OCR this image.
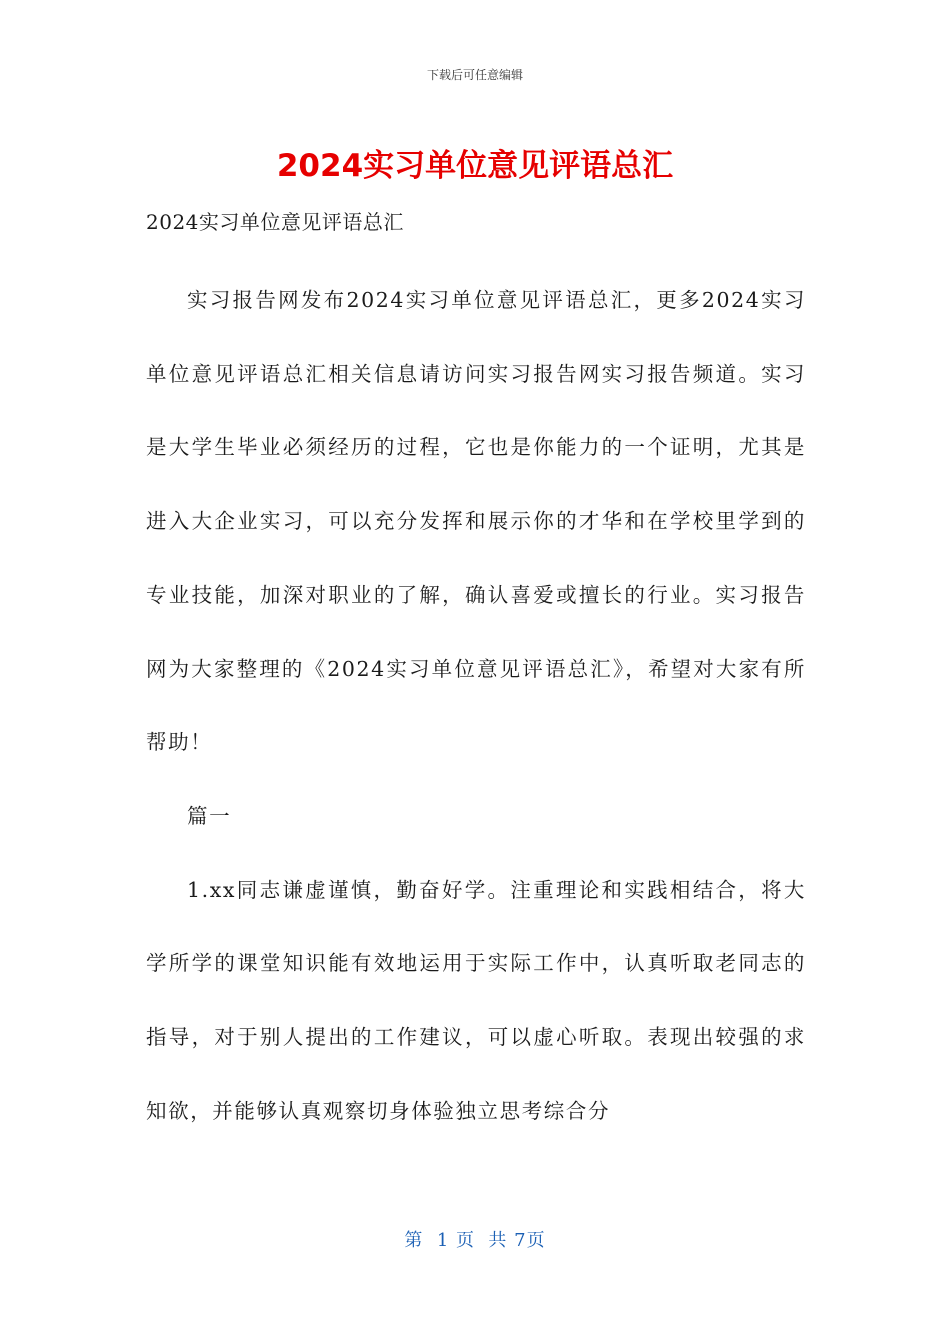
下载后可任意编辑
2024实习单位意见评语总汇

2024实习单位意见评语总汇

实习报告网发布2024实习单位意见评语总汇，更多2024实习单位意见评语总汇相关信息请访问实习报告网实习报告频道。实习是大学生毕业必须经历的过程，它也是你能力的一个证明，尤其是进入大企业实习，可以充分发挥和展示你的才华和在学校里学到的专业技能，加深对职业的了解，确认喜爱或擅长的行业。实习报告网为大家整理的《2024实习单位意见评语总汇》，希望对大家有所帮助！

篇一

1.xx同志谦虚谨慎，勤奋好学。注重理论和实践相结合，将大学所学的课堂知识能有效地运用于实际工作中，认真听取老同志的指导，对于别人提出的工作建议，可以虚心听取。表现出较强的求知欲，并能够认真观察切身体验独立思考综合分

第  1 页  共 7页
